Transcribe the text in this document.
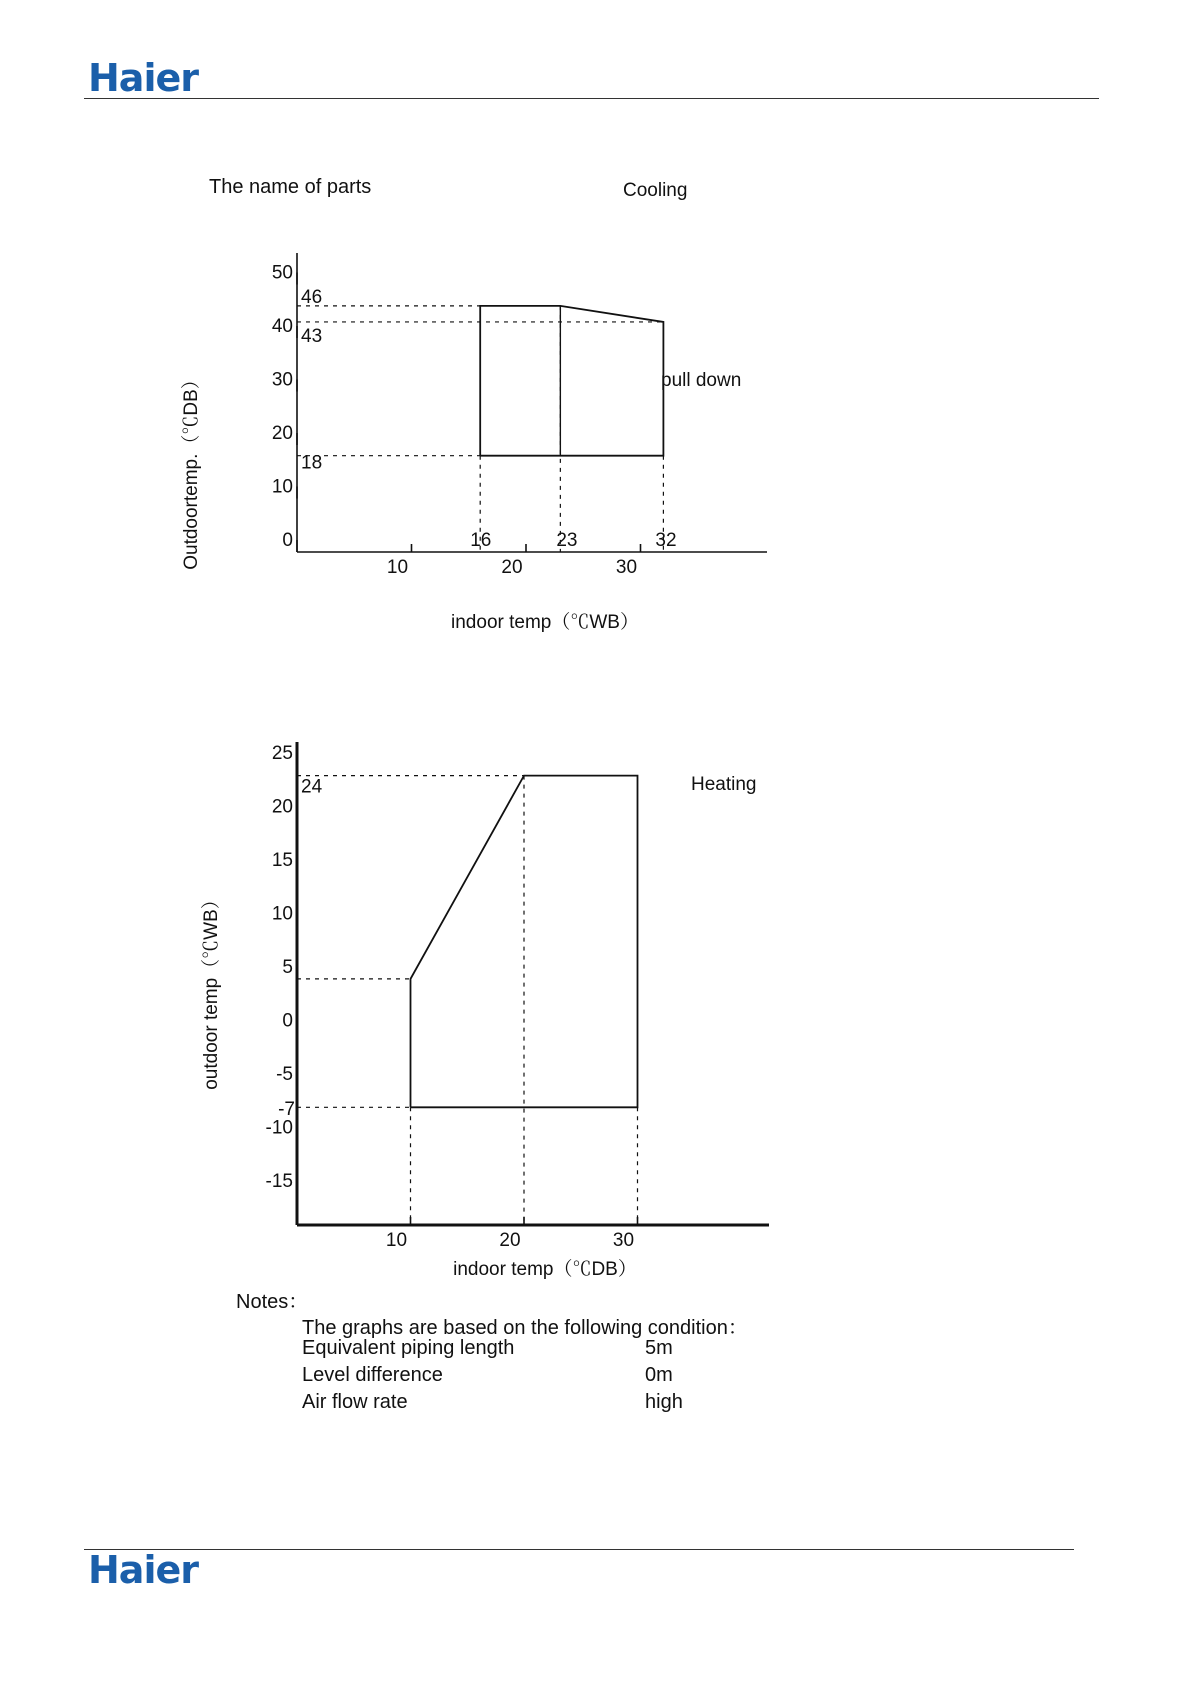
Haier
The name of parts
0
10
20
30
40
50
10	20	30
46
43
18
16	23	32
Cooling
pull down
indoor temp（℃WB）
Outdoortemp.（℃DB）
25
20
15
10
5
0
-5
-10
-15
10	20	30
24
-7
Heating
indoor temp（℃DB）
outdoor temp（℃WB）
Notes：
The graphs are based on the following condition：
Equivalent piping length	5m
Level difference	0m
Air flow rate	high
Haier
